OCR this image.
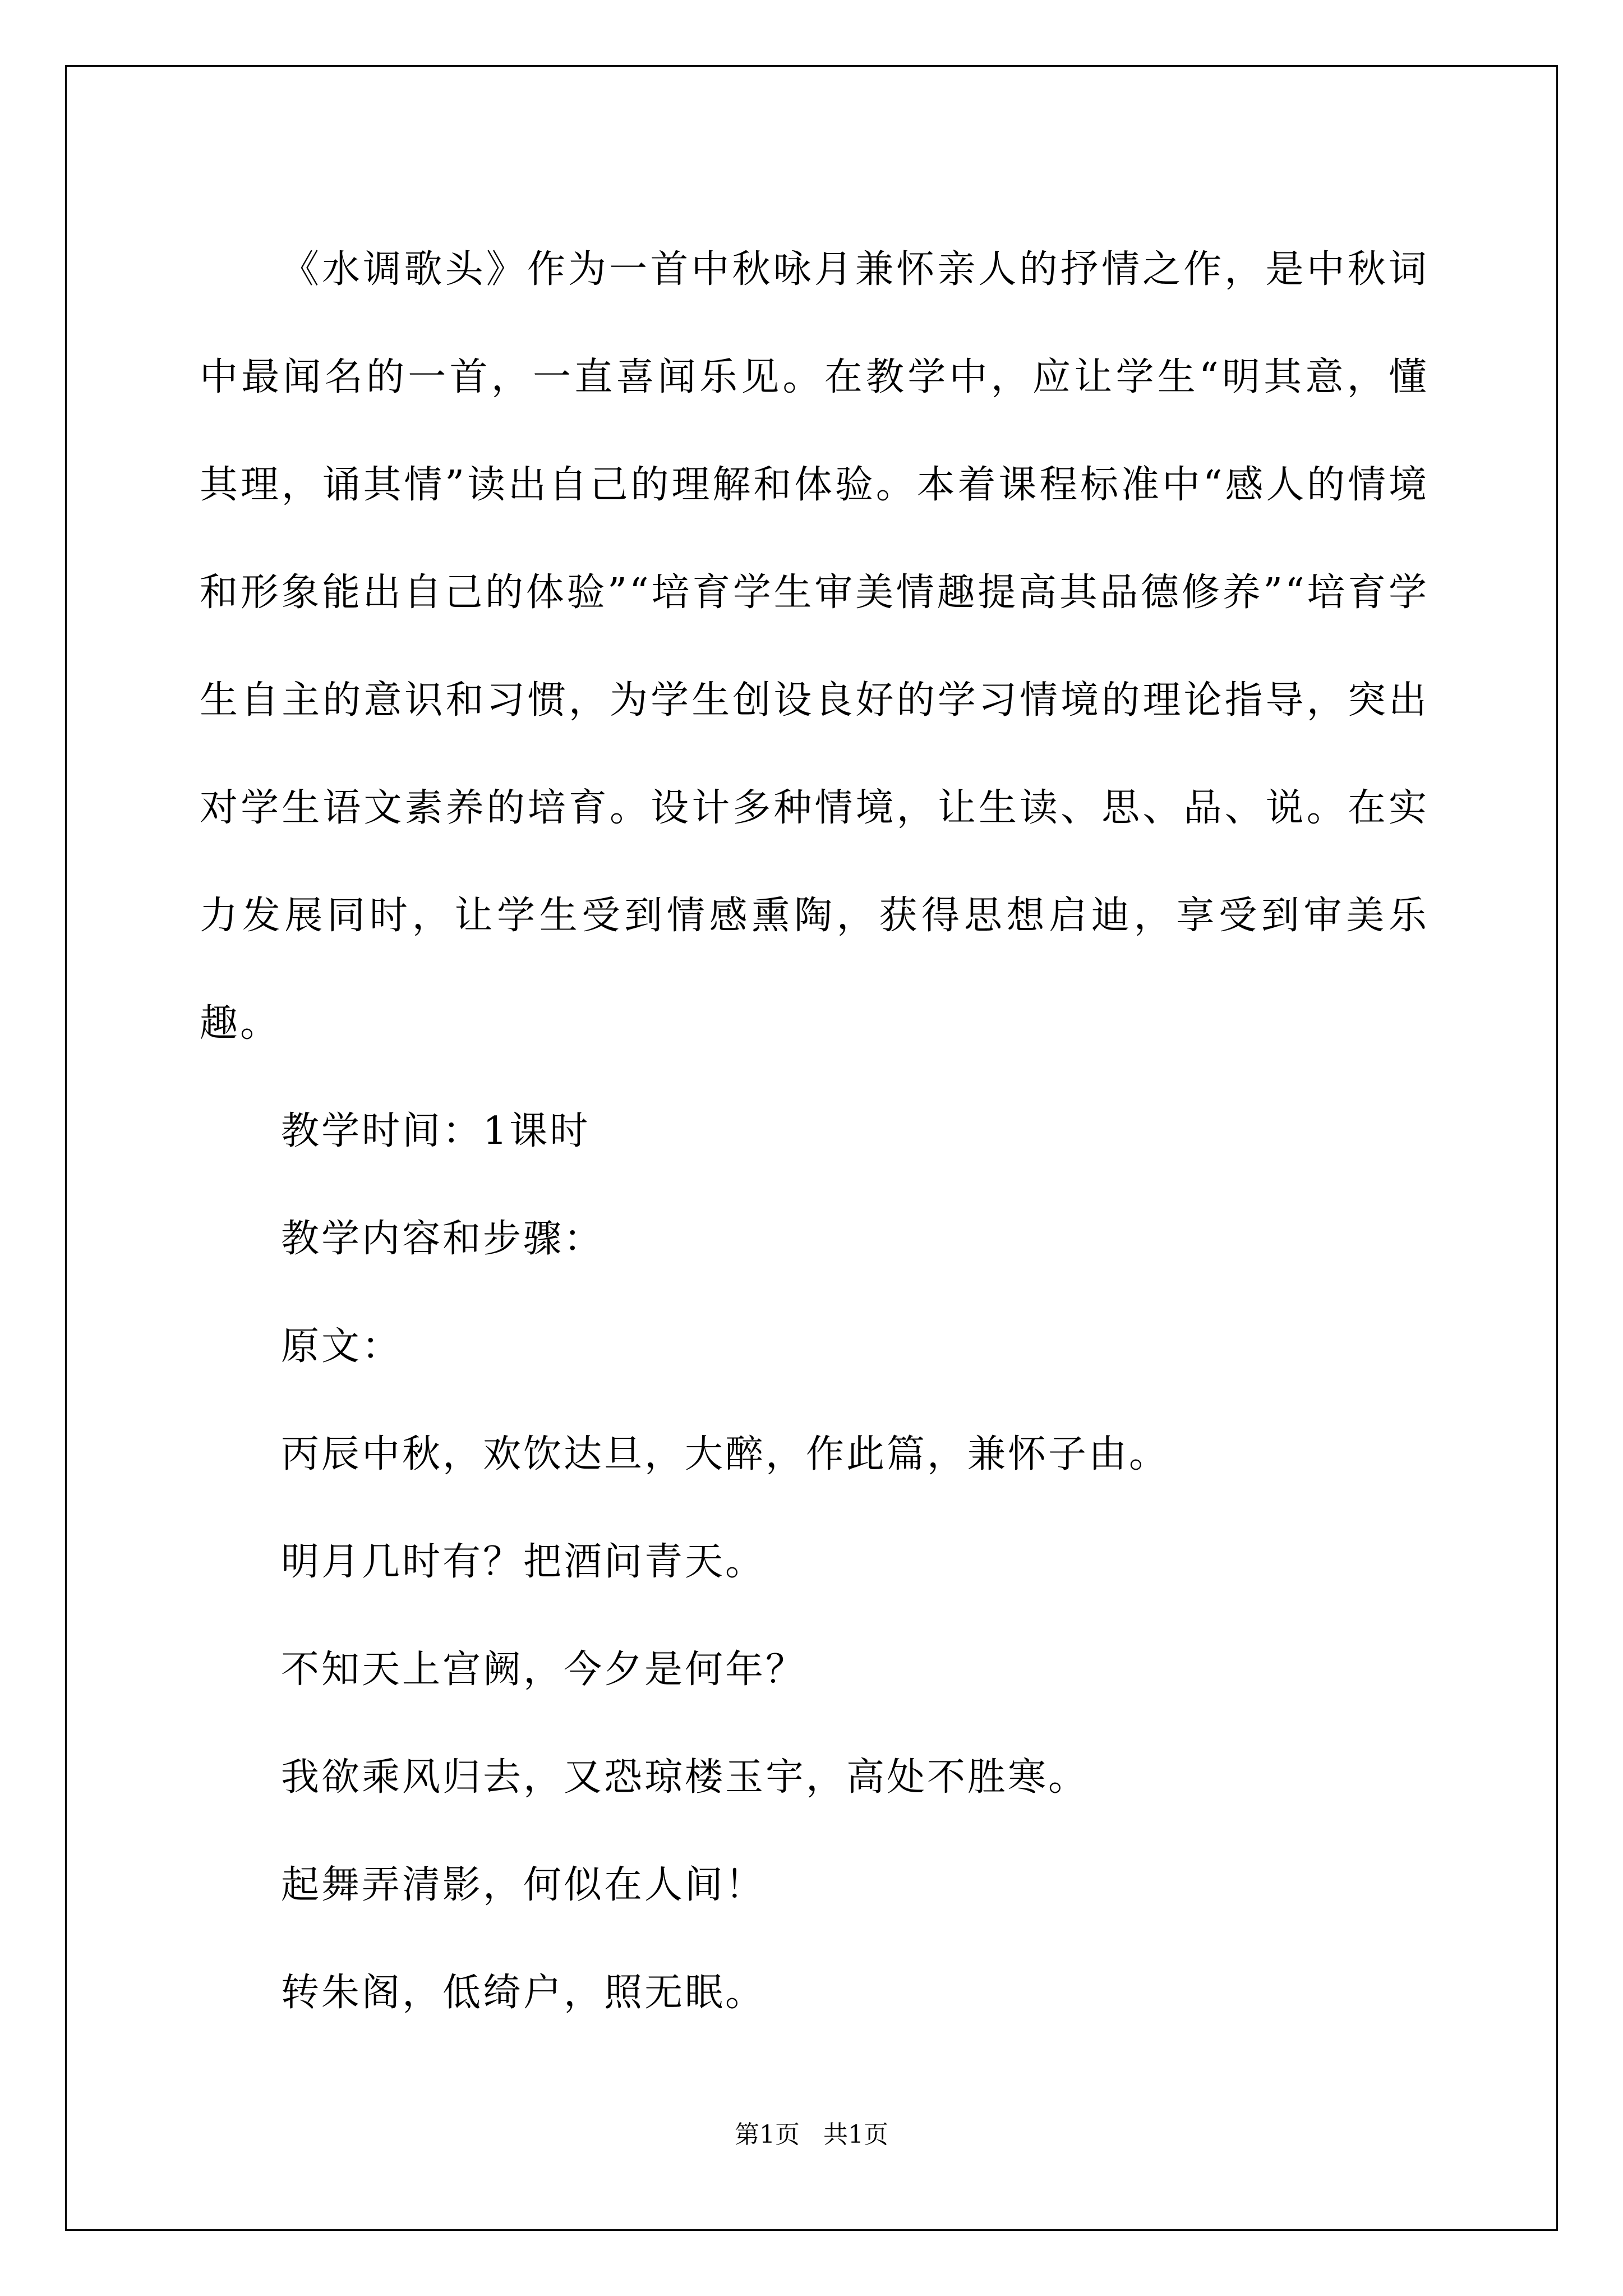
《水调歌头》作为一首中秋咏月兼怀亲人的抒情之作，是中秋词中最闻名的一首，一直喜闻乐见。在教学中，应让学生“明其意，懂其理，诵其情”读出自己的理解和体验。本着课程标准中“感人的情境和形象能出自己的体验”“培育学生审美情趣提高其品德修养”“培育学生自主的意识和习惯，为学生创设良好的学习情境的理论指导，突出对学生语文素养的培育。设计多种情境，让生读、思、品、说。在实力发展同时，让学生受到情感熏陶，获得思想启迪，享受到审美乐趣。

教学时间：1课时

教学内容和步骤：

原文：

丙辰中秋，欢饮达旦，大醉，作此篇，兼怀子由。

明月几时有？把酒问青天。

不知天上宫阙，今夕是何年？

我欲乘风归去，又恐琼楼玉宇，高处不胜寒。

起舞弄清影，何似在人间！

转朱阁，低绮户，照无眠。

第1页 共1页
